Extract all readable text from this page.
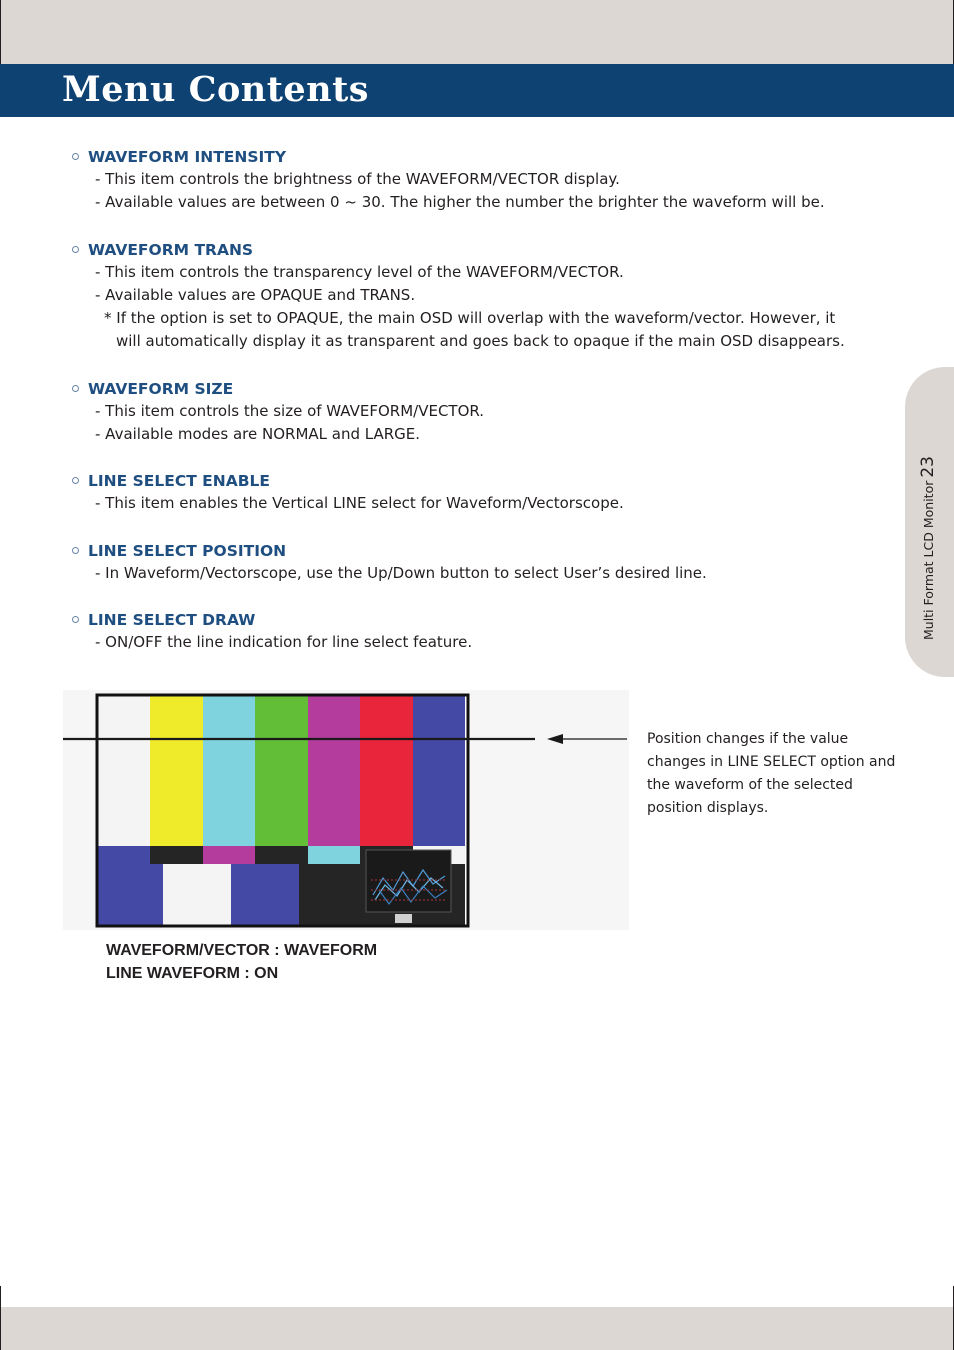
Menu Contents
Multi Format LCD Monitor23
WAVEFORM INTENSITY
- This item controls the brightness of the WAVEFORM/VECTOR display.
- Available values are between 0 ~ 30. The higher the number the brighter the waveform will be.
WAVEFORM TRANS
- This item controls the transparency level of the WAVEFORM/VECTOR.
- Available values are OPAQUE and TRANS.
* If the option is set to OPAQUE, the main OSD will overlap with the waveform/vector. However, it
will automatically display it as transparent and goes back to opaque if the main OSD disappears.
WAVEFORM SIZE
- This item controls the size of WAVEFORM/VECTOR.
- Available modes are NORMAL and LARGE.
LINE SELECT ENABLE
- This item enables the Vertical LINE select for Waveform/Vectorscope.
LINE SELECT POSITION
- In Waveform/Vectorscope, use the Up/Down button to select User’s desired line.
LINE SELECT DRAW
- ON/OFF the line indication for line select feature.
Position changes if the value changes in LINE SELECT option and the waveform of the selected position displays.
WAVEFORM/VECTOR : WAVEFORM
LINE WAVEFORM : ON
